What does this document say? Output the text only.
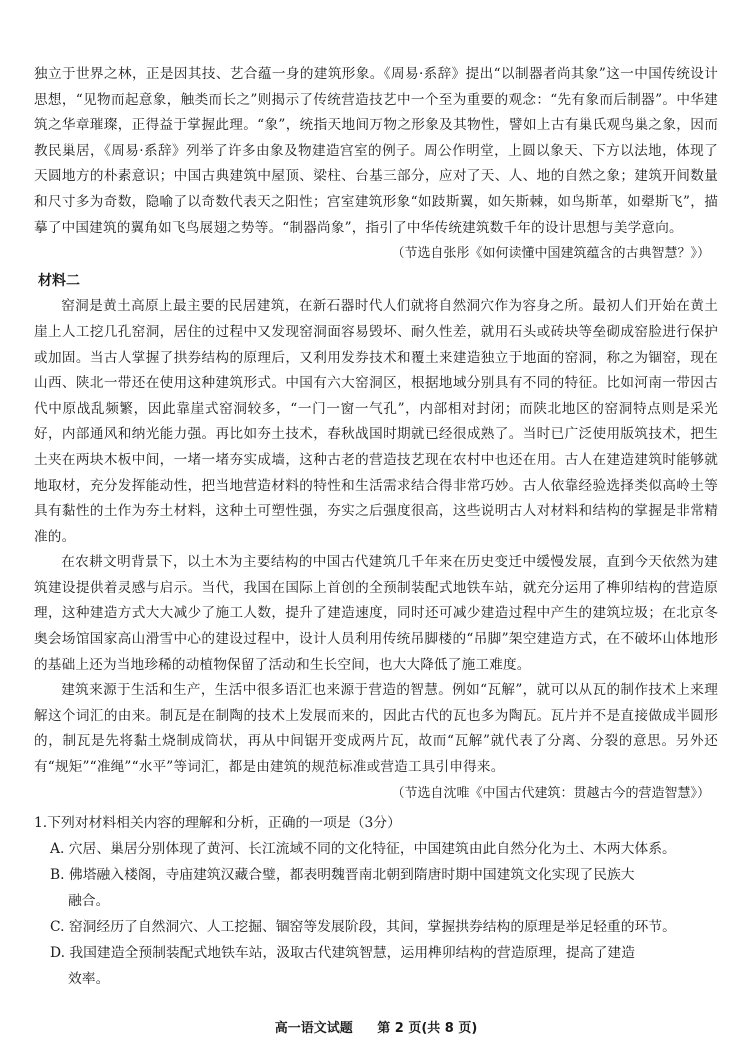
独立于世界之林，正是因其技、艺合蕴一身的建筑形象。《周易·系辞》提出“以制器者尚其象”这一中国传统设计思想，“见物而起意象，触类而长之”则揭示了传统营造技艺中一个至为重要的观念：“先有象而后制器”。中华建筑之华章璀璨，正得益于掌握此理。“象”，统指天地间万物之形象及其物性，譬如上古有巢氏观鸟巢之象，因而教民巢居，《周易·系辞》列举了许多由象及物建造宫室的例子。周公作明堂，上圆以象天、下方以法地，体现了天圆地方的朴素意识；中国古典建筑中屋顶、梁柱、台基三部分，应对了天、人、地的自然之象；建筑开间数量和尺寸多为奇数，隐喻了以奇数代表天之阳性；宫室建筑形象“如跂斯翼，如矢斯棘，如鸟斯革，如翚斯飞”，描摹了中国建筑的翼角如飞鸟展翅之势等。“制器尚象”，指引了中华传统建筑数千年的设计思想与美学意向。

（节选自张彤《如何读懂中国建筑蕴含的古典智慧？》）

材料二

窑洞是黄土高原上最主要的民居建筑，在新石器时代人们就将自然洞穴作为容身之所。最初人们开始在黄土崖上人工挖几孔窑洞，居住的过程中又发现窑洞面容易毁坏、耐久性差，就用石头或砖块等垒砌成窑脸进行保护或加固。当古人掌握了拱券结构的原理后，又利用发券技术和覆土来建造独立于地面的窑洞，称之为锢窑，现在山西、陕北一带还在使用这种建筑形式。中国有六大窑洞区，根据地域分别具有不同的特征。比如河南一带因古代中原战乱频繁，因此靠崖式窑洞较多，“一门一窗一气孔”，内部相对封闭；而陕北地区的窑洞特点则是采光好，内部通风和纳光能力强。再比如夯土技术，春秋战国时期就已经很成熟了。当时已广泛使用版筑技术，把生土夹在两块木板中间，一堵一堵夯实成墙，这种古老的营造技艺现在农村中也还在用。古人在建造建筑时能够就地取材，充分发挥能动性，把当地营造材料的特性和生活需求结合得非常巧妙。古人依靠经验选择类似高岭土等具有黏性的土作为夯土材料，这种土可塑性强，夯实之后强度很高，这些说明古人对材料和结构的掌握是非常精准的。

在农耕文明背景下，以土木为主要结构的中国古代建筑几千年来在历史变迁中缓慢发展，直到今天依然为建筑建设提供着灵感与启示。当代，我国在国际上首创的全预制装配式地铁车站，就充分运用了榫卯结构的营造原理，这种建造方式大大减少了施工人数，提升了建造速度，同时还可减少建造过程中产生的建筑垃圾；在北京冬奥会场馆国家高山滑雪中心的建设过程中，设计人员利用传统吊脚楼的“吊脚”架空建造方式，在不破坏山体地形的基础上还为当地珍稀的动植物保留了活动和生长空间，也大大降低了施工难度。

建筑来源于生活和生产，生活中很多语汇也来源于营造的智慧。例如“瓦解”，就可以从瓦的制作技术上来理解这个词汇的由来。制瓦是在制陶的技术上发展而来的，因此古代的瓦也多为陶瓦。瓦片并不是直接做成半圆形的，制瓦是先将黏土烧制成筒状，再从中间锯开变成两片瓦，故而“瓦解”就代表了分离、分裂的意思。另外还有“规矩”“准绳”“水平”等词汇，都是由建筑的规范标准或营造工具引申得来。

（节选自沈唯《中国古代建筑：贯越古今的营造智慧》）

1.下列对材料相关内容的理解和分析，正确的一项是（3分）

A. 穴居、巢居分别体现了黄河、长江流域不同的文化特征，中国建筑由此自然分化为土、木两大体系。

B. 佛塔融入楼阁，寺庙建筑汉藏合璧，都表明魏晋南北朝到隋唐时期中国建筑文化实现了民族大
融合。

C. 窑洞经历了自然洞穴、人工挖掘、锢窑等发展阶段，其间，掌握拱券结构的原理是举足轻重的环节。

D. 我国建造全预制装配式地铁车站，汲取古代建筑智慧，运用榫卯结构的营造原理，提高了建造
效率。

高一语文试题 第 2 页(共 8 页)
